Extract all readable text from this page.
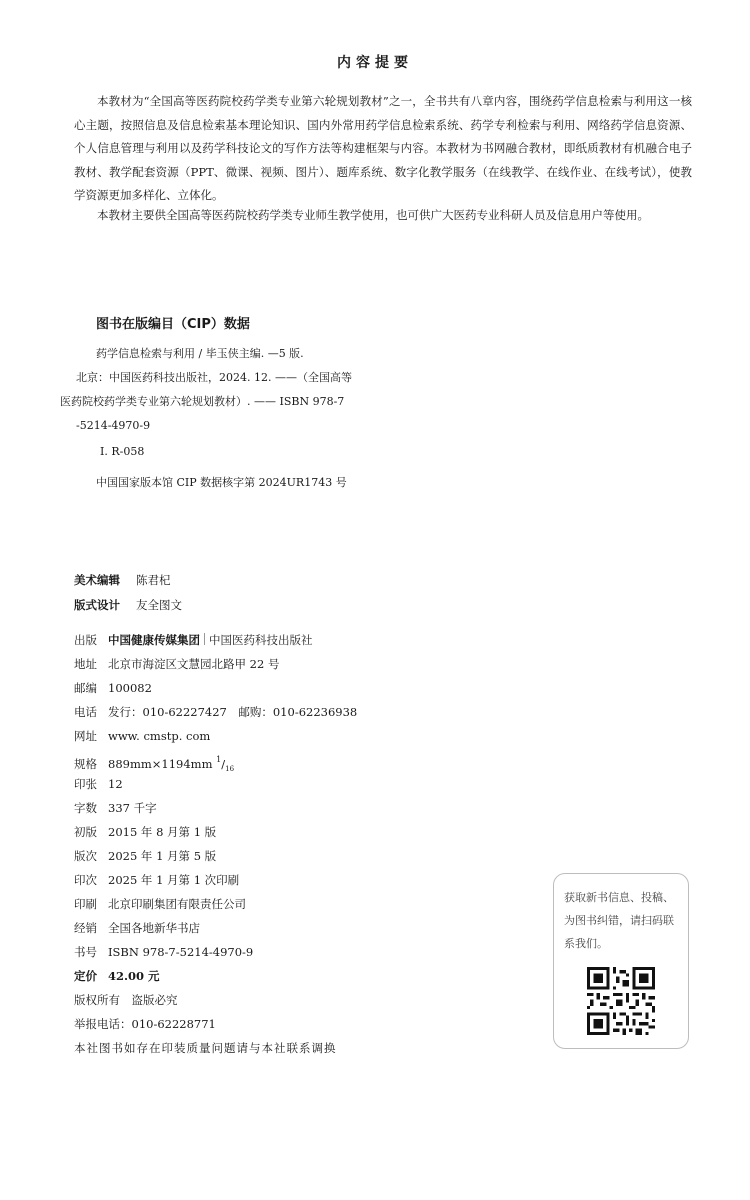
内容提要

本教材为“全国高等医药院校药学类专业第六轮规划教材”之一，全书共有八章内容，围绕药学信息检索与利用这一核心主题，按照信息及信息检索基本理论知识、国内外常用药学信息检索系统、药学专利检索与利用、网络药学信息资源、个人信息管理与利用以及药学科技论文的写作方法等构建框架与内容。本教材为书网融合教材，即纸质教材有机融合电子教材、教学配套资源（PPT、微课、视频、图片）、题库系统、数字化教学服务（在线教学、在线作业、在线考试），使教学资源更加多样化、立体化。

本教材主要供全国高等医药院校药学类专业师生教学使用，也可供广大医药专业科研人员及信息用户等使用。

图书在版编目（CIP）数据
药学信息检索与利用 / 毕玉侠主编. —5 版.
北京：中国医药科技出版社，2024. 12. ——（全国高等
医药院校药学类专业第六轮规划教材）. —— ISBN 978-7
-5214-4970-9
Ⅰ. R-058
中国国家版本馆 CIP 数据核字第 2024UR1743 号
美术编辑 陈君杞
版式设计 友全图文
出版 中国健康传媒集团 中国医药科技出版社
地址 北京市海淀区文慧园北路甲 22 号
邮编 100082
电话 发行：010-62227427　邮购：010-62236938
网址 www. cmstp. com
规格 889mm×1194mm $^1/_{16}$
印张 12
字数 337 千字
初版 2015 年 8 月第 1 版
版次 2025 年 1 月第 5 版
印次 2025 年 1 月第 1 次印刷
印刷 北京印刷集团有限责任公司
经销 全国各地新华书店
书号 ISBN 978-7-5214-4970-9
定价 42.00 元
版权所有　盗版必究
举报电话：010-62228771
本社图书如存在印装质量问题请与本社联系调换
获取新书信息、投稿、为图书纠错，请扫码联系我们。
